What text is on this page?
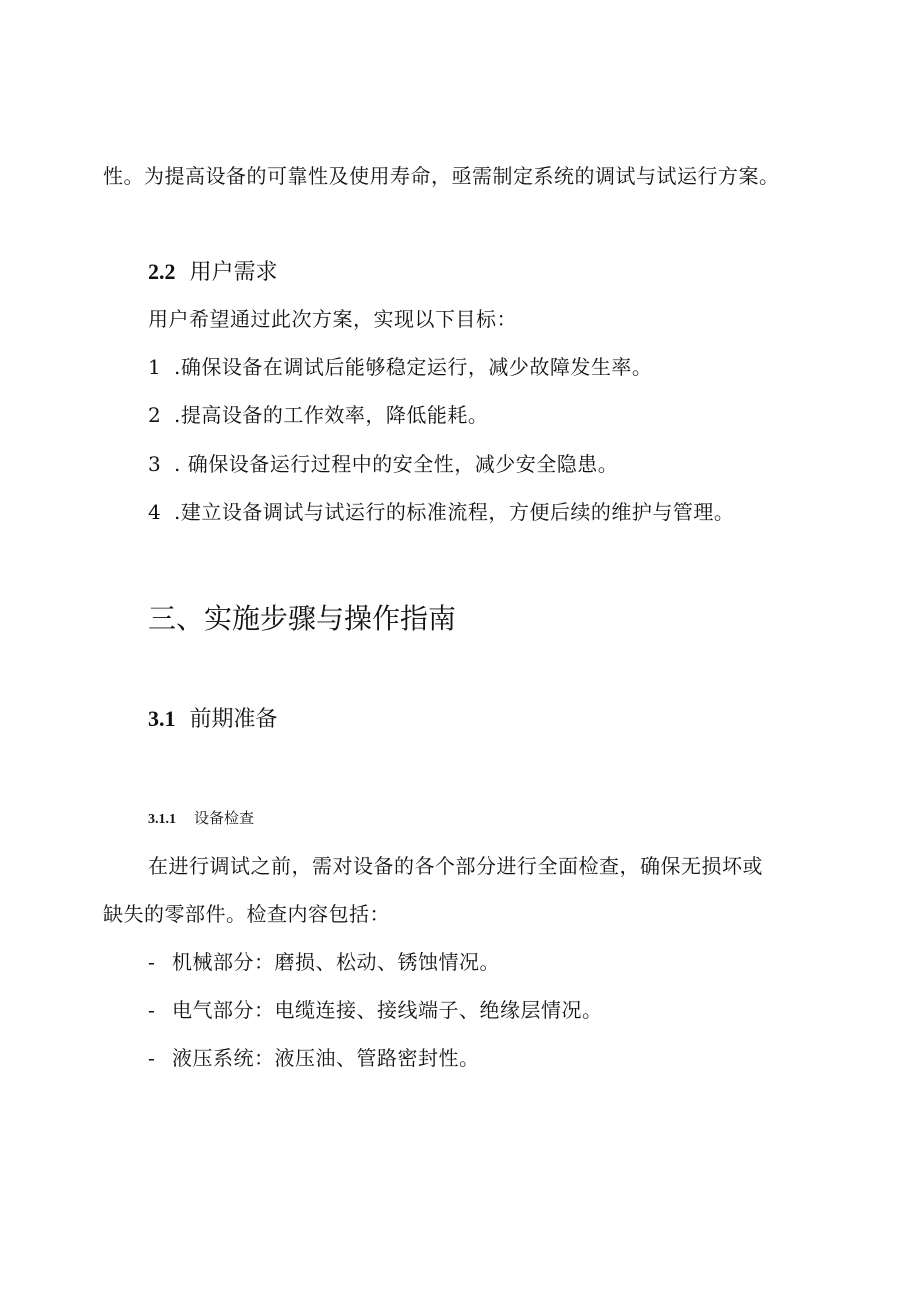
性。为提高设备的可靠性及使用寿命，亟需制定系统的调试与试运行方案。

2.2 用户需求

用户希望通过此次方案，实现以下目标：

1 .确保设备在调试后能够稳定运行，减少故障发生率。

2 .提高设备的工作效率，降低能耗。

3 . 确保设备运行过程中的安全性，减少安全隐患。

4 .建立设备调试与试运行的标准流程，方便后续的维护与管理。

三、实施步骤与操作指南
3.1 前期准备
3.1.1 设备检查

在进行调试之前，需对设备的各个部分进行全面检查，确保无损坏或

缺失的零部件。检查内容包括：

- 机械部分：磨损、松动、锈蚀情况。

- 电气部分：电缆连接、接线端子、绝缘层情况。

- 液压系统：液压油、管路密封性。
